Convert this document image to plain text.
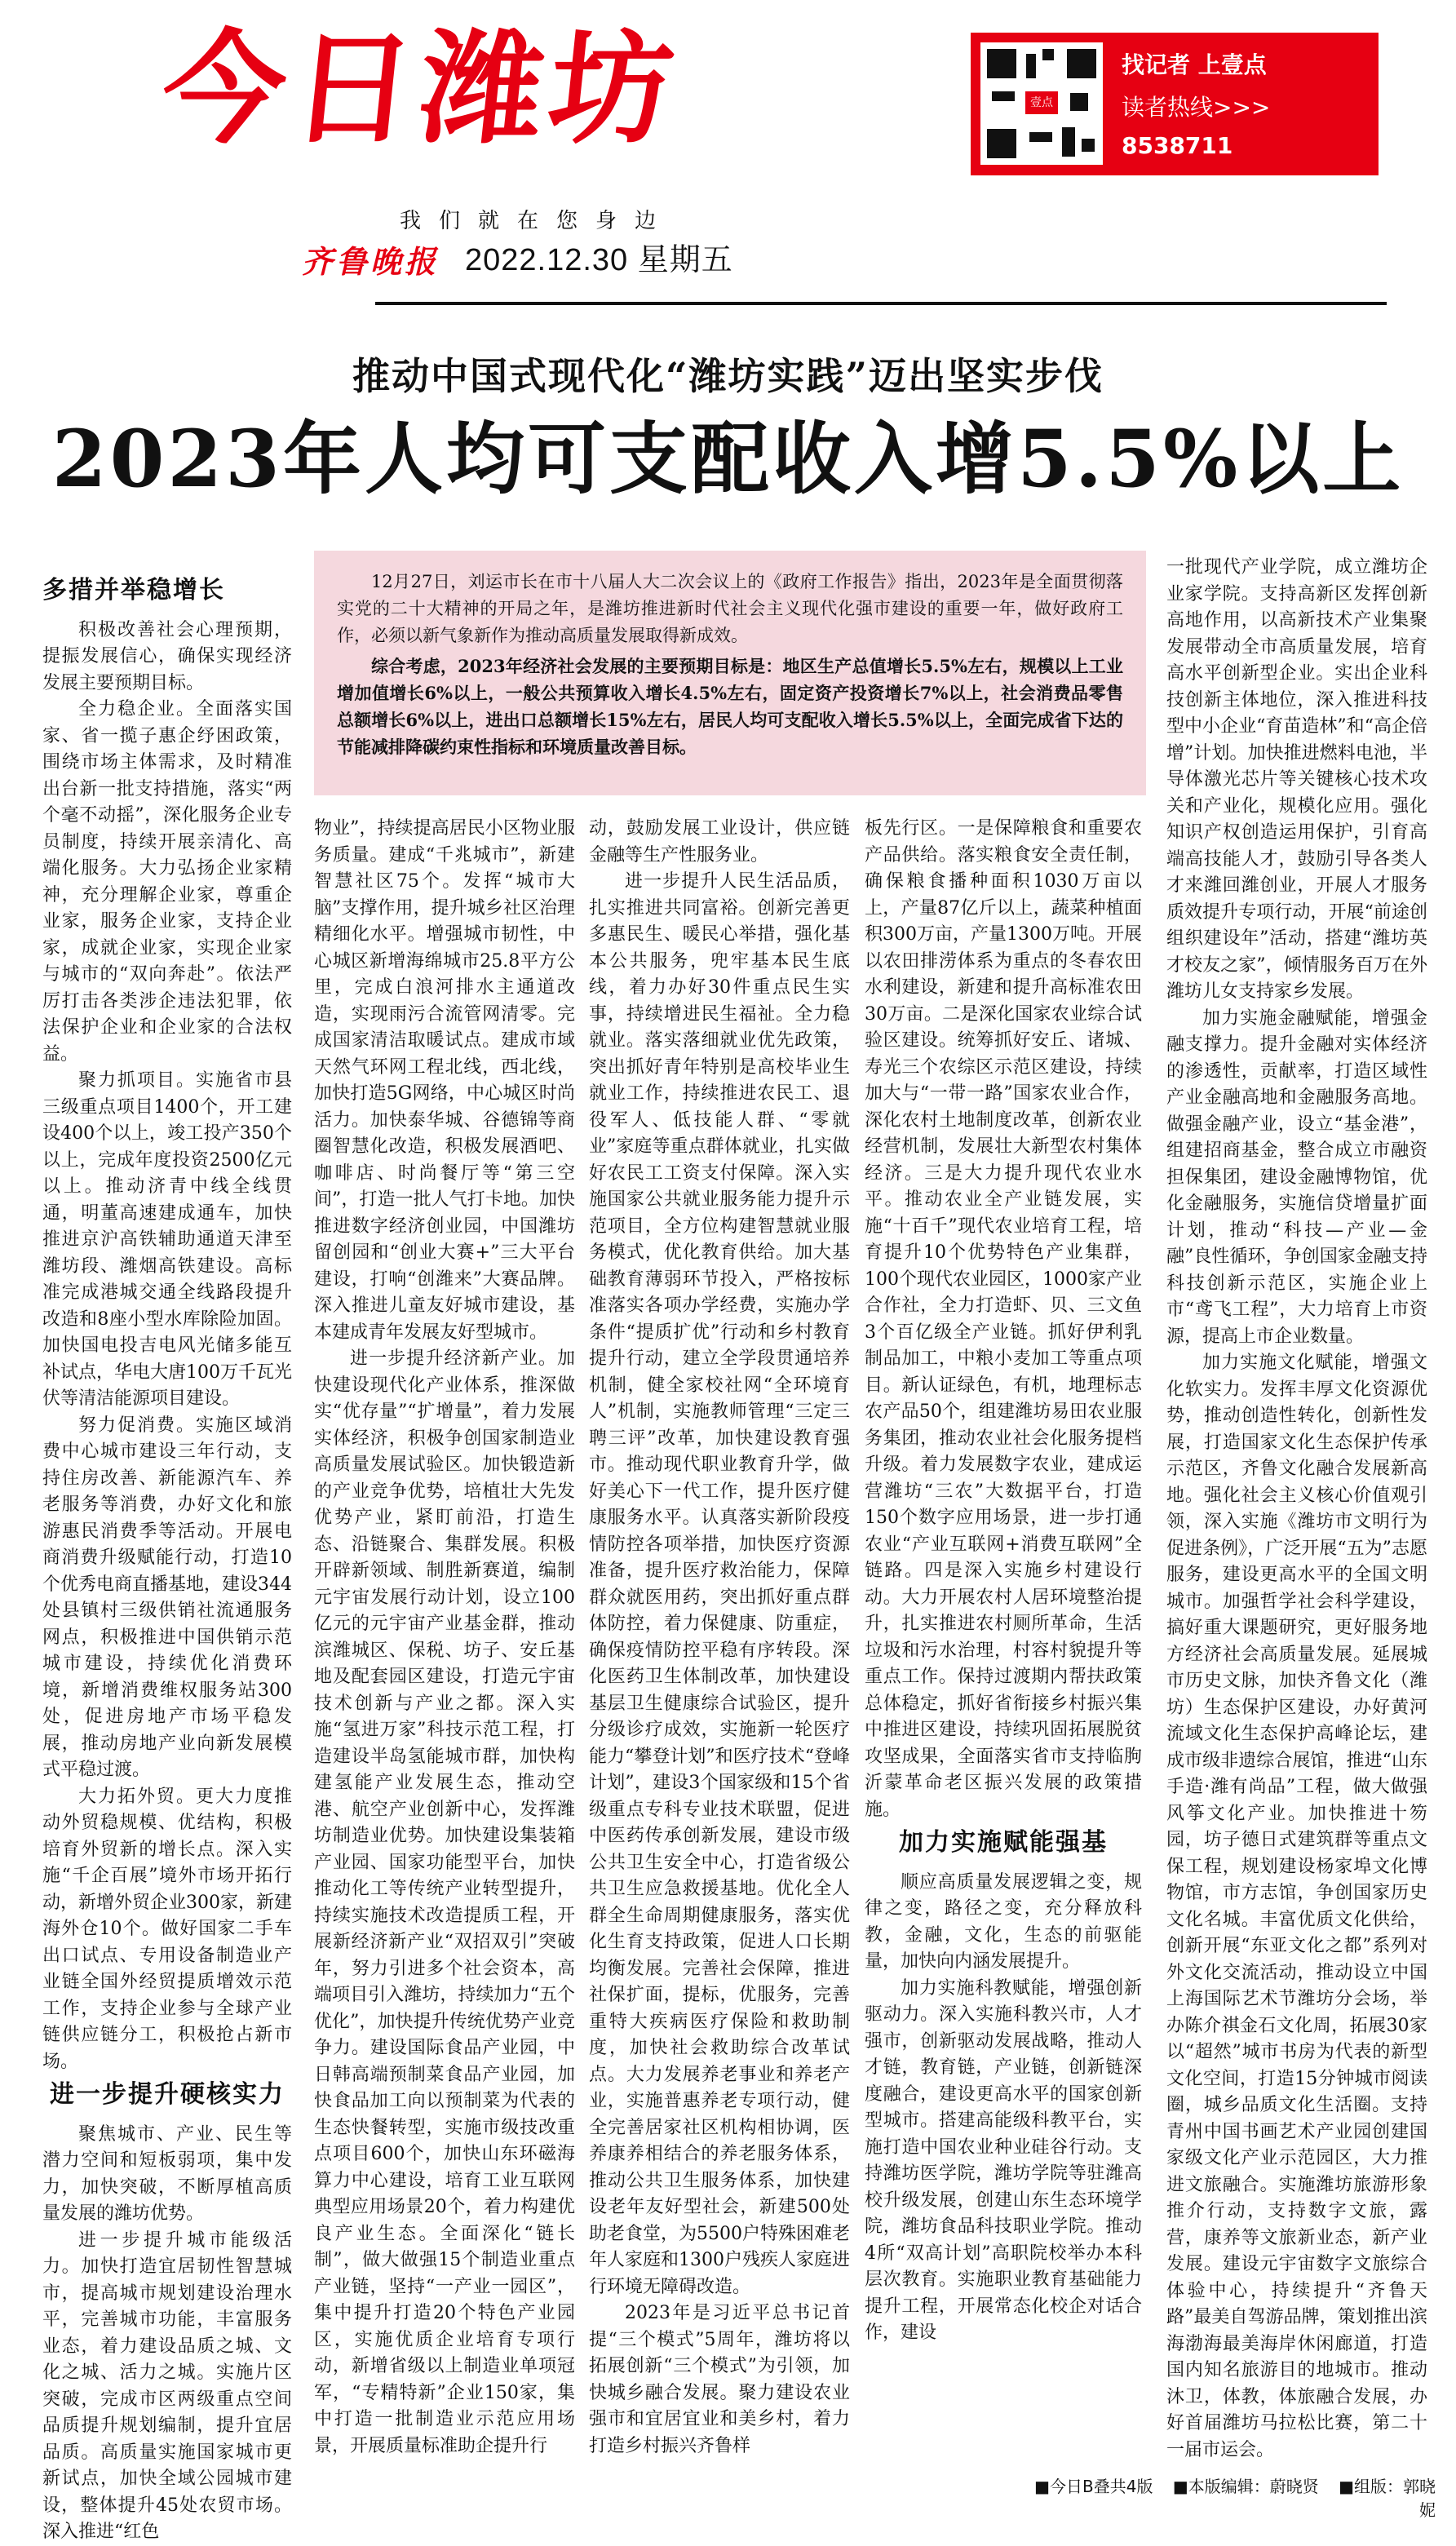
今日潍坊
我们就在您身边
齐鲁晚报 2022.12.30 星期五
壹点
找记者 上壹点
读者热线>>>
8538711
推动中国式现代化“潍坊实践”迈出坚实步伐
2023年人均可支配收入增5.5%以上

12月27日，刘运市长在市十八届人大二次会议上的《政府工作报告》指出，2023年是全面贯彻落实党的二十大精神的开局之年，是潍坊推进新时代社会主义现代化强市建设的重要一年，做好政府工作，必须以新气象新作为推动高质量发展取得新成效。

综合考虑，2023年经济社会发展的主要预期目标是：地区生产总值增长5.5%左右，规模以上工业增加值增长6%以上，一般公共预算收入增长4.5%左右，固定资产投资增长7%以上，社会消费品零售总额增长6%以上，进出口总额增长15%左右，居民人均可支配收入增长5.5%以上，全面完成省下达的节能减排降碳约束性指标和环境质量改善目标。

多措并举稳增长

积极改善社会心理预期，提振发展信心，确保实现经济发展主要预期目标。

全力稳企业。全面落实国家、省一揽子惠企纾困政策，围绕市场主体需求，及时精准出台新一批支持措施，落实“两个毫不动摇”，深化服务企业专员制度，持续开展亲清化、高端化服务。大力弘扬企业家精神，充分理解企业家，尊重企业家，服务企业家，支持企业家，成就企业家，实现企业家与城市的“双向奔赴”。依法严厉打击各类涉企违法犯罪，依法保护企业和企业家的合法权益。

聚力抓项目。实施省市县三级重点项目1400个，开工建设400个以上，竣工投产350个以上，完成年度投资2500亿元以上。推动济青中线全线贯通，明董高速建成通车，加快推进京沪高铁辅助通道天津至潍坊段、潍烟高铁建设。高标准完成港城交通全线路段提升改造和8座小型水库除险加固。加快国电投吉电风光储多能互补试点，华电大唐100万千瓦光伏等清洁能源项目建设。

努力促消费。实施区域消费中心城市建设三年行动，支持住房改善、新能源汽车、养老服务等消费，办好文化和旅游惠民消费季等活动。开展电商消费升级赋能行动，打造10个优秀电商直播基地，建设344处县镇村三级供销社流通服务网点，积极推进中国供销示范城市建设，持续优化消费环境，新增消费维权服务站300处，促进房地产市场平稳发展，推动房地产业向新发展模式平稳过渡。

大力拓外贸。更大力度推动外贸稳规模、优结构，积极培育外贸新的增长点。深入实施“千企百展”境外市场开拓行动，新增外贸企业300家，新建海外仓10个。做好国家二手车出口试点、专用设备制造业产业链全国外经贸提质增效示范工作，支持企业参与全球产业链供应链分工，积极抢占新市场。

进一步提升硬核实力

聚焦城市、产业、民生等潜力空间和短板弱项，集中发力，加快突破，不断厚植高质量发展的潍坊优势。

进一步提升城市能级活力。加快打造宜居韧性智慧城市，提高城市规划建设治理水平，完善城市功能，丰富服务业态，着力建设品质之城、文化之城、活力之城。实施片区突破，完成市区两级重点空间品质提升规划编制，提升宜居品质。高质量实施国家城市更新试点，加快全域公园城市建设，整体提升45处农贸市场。深入推进“红色

物业”，持续提高居民小区物业服务质量。建成“千兆城市”，新建智慧社区75个。发挥“城市大脑”支撑作用，提升城乡社区治理精细化水平。增强城市韧性，中心城区新增海绵城市25.8平方公里，完成白浪河排水主通道改造，实现雨污合流管网清零。完成国家清洁取暖试点。建成市域天然气环网工程北线，西北线，加快打造5G网络，中心城区时尚活力。加快泰华城、谷德锦等商圈智慧化改造，积极发展酒吧、咖啡店、时尚餐厅等“第三空间”，打造一批人气打卡地。加快推进数字经济创业园，中国潍坊留创园和“创业大赛+”三大平台建设，打响“创潍来”大赛品牌。深入推进儿童友好城市建设，基本建成青年发展友好型城市。

进一步提升经济新产业。加快建设现代化产业体系，推深做实“优存量”“扩增量”，着力发展实体经济，积极争创国家制造业高质量发展试验区。加快锻造新的产业竞争优势，培植壮大先发优势产业，紧盯前沿，打造生态、沿链聚合、集群发展。积极开辟新领域、制胜新赛道，编制元宇宙发展行动计划，设立100亿元的元宇宙产业基金群，推动滨潍城区、保税、坊子、安丘基地及配套园区建设，打造元宇宙技术创新与产业之都。深入实施“氢进万家”科技示范工程，打造建设半岛氢能城市群，加快构建氢能产业发展生态，推动空港、航空产业创新中心，发挥潍坊制造业优势。加快建设集装箱产业园、国家功能型平台，加快推动化工等传统产业转型提升，持续实施技术改造提质工程，开展新经济新产业“双招双引”突破年，努力引进多个社会资本，高端项目引入潍坊，持续加力“五个优化”，加快提升传统优势产业竞争力。建设国际食品产业园，中日韩高端预制菜食品产业园，加快食品加工向以预制菜为代表的生态快餐转型，实施市级技改重点项目600个，加快山东环磁海算力中心建设，培育工业互联网典型应用场景20个，着力构建优良产业生态。全面深化“链长制”，做大做强15个制造业重点产业链，坚持“一产业一园区”，集中提升打造20个特色产业园区，实施优质企业培育专项行动，新增省级以上制造业单项冠军，“专精特新”企业150家，集中打造一批制造业示范应用场景，开展质量标准助企提升行

动，鼓励发展工业设计，供应链金融等生产性服务业。

进一步提升人民生活品质，扎实推进共同富裕。创新完善更多惠民生、暖民心举措，强化基本公共服务，兜牢基本民生底线，着力办好30件重点民生实事，持续增进民生福祉。全力稳就业。落实落细就业优先政策，突出抓好青年特别是高校毕业生就业工作，持续推进农民工、退役军人、低技能人群、“零就业”家庭等重点群体就业，扎实做好农民工工资支付保障。深入实施国家公共就业服务能力提升示范项目，全方位构建智慧就业服务模式，优化教育供给。加大基础教育薄弱环节投入，严格按标准落实各项办学经费，实施办学条件“提质扩优”行动和乡村教育提升行动，建立全学段贯通培养机制，健全家校社网“全环境育人”机制，实施教师管理“三定三聘三评”改革，加快建设教育强市。推动现代职业教育升学，做好美心下一代工作，提升医疗健康服务水平。认真落实新阶段疫情防控各项举措，加快医疗资源准备，提升医疗救治能力，保障群众就医用药，突出抓好重点群体防控，着力保健康、防重症，确保疫情防控平稳有序转段。深化医药卫生体制改革，加快建设基层卫生健康综合试验区，提升分级诊疗成效，实施新一轮医疗能力“攀登计划”和医疗技术“登峰计划”，建设3个国家级和15个省级重点专科专业技术联盟，促进中医药传承创新发展，建设市级公共卫生安全中心，打造省级公共卫生应急救援基地。优化全人群全生命周期健康服务，落实优化生育支持政策，促进人口长期均衡发展。完善社会保障，推进社保扩面，提标，优服务，完善重特大疾病医疗保险和救助制度，加快社会救助综合改革试点。大力发展养老事业和养老产业，实施普惠养老专项行动，健全完善居家社区机构相协调，医养康养相结合的养老服务体系，推动公共卫生服务体系，加快建设老年友好型社会，新建500处助老食堂，为5500户特殊困难老年人家庭和1300户残疾人家庭进行环境无障碍改造。

2023年是习近平总书记首提“三个模式”5周年，潍坊将以拓展创新“三个模式”为引领，加快城乡融合发展。聚力建设农业强市和宜居宜业和美乡村，着力打造乡村振兴齐鲁样

板先行区。一是保障粮食和重要农产品供给。落实粮食安全责任制，确保粮食播种面积1030万亩以上，产量87亿斤以上，蔬菜种植面积300万亩，产量1300万吨。开展以农田排涝体系为重点的冬春农田水利建设，新建和提升高标准农田30万亩。二是深化国家农业综合试验区建设。统筹抓好安丘、诸城、寿光三个农综区示范区建设，持续加大与“一带一路”国家农业合作，深化农村土地制度改革，创新农业经营机制，发展壮大新型农村集体经济。三是大力提升现代农业水平。推动农业全产业链发展，实施“十百千”现代农业培育工程，培育提升10个优势特色产业集群，100个现代农业园区，1000家产业合作社，全力打造虾、贝、三文鱼3个百亿级全产业链。抓好伊利乳制品加工，中粮小麦加工等重点项目。新认证绿色，有机，地理标志农产品50个，组建潍坊易田农业服务集团，推动农业社会化服务提档升级。着力发展数字农业，建成运营潍坊“三农”大数据平台，打造150个数字应用场景，进一步打通农业“产业互联网+消费互联网”全链路。四是深入实施乡村建设行动。大力开展农村人居环境整治提升，扎实推进农村厕所革命，生活垃圾和污水治理，村容村貌提升等重点工作。保持过渡期内帮扶政策总体稳定，抓好省衔接乡村振兴集中推进区建设，持续巩固拓展脱贫攻坚成果，全面落实省市支持临朐沂蒙革命老区振兴发展的政策措施。

加力实施赋能强基

顺应高质量发展逻辑之变，规律之变，路径之变，充分释放科教，金融，文化，生态的前驱能量，加快向内涵发展提升。

加力实施科教赋能，增强创新驱动力。深入实施科教兴市，人才强市，创新驱动发展战略，推动人才链，教育链，产业链，创新链深度融合，建设更高水平的国家创新型城市。搭建高能级科教平台，实施打造中国农业种业硅谷行动。支持潍坊医学院，潍坊学院等驻潍高校升级发展，创建山东生态环境学院，潍坊食品科技职业学院。推动4所“双高计划”高职院校举办本科层次教育。实施职业教育基础能力提升工程，开展常态化校企对话合作，建设

一批现代产业学院，成立潍坊企业家学院。支持高新区发挥创新高地作用，以高新技术产业集聚发展带动全市高质量发展，培育高水平创新型企业。实出企业科技创新主体地位，深入推进科技型中小企业“育苗造林”和“高企倍增”计划。加快推进燃料电池，半导体激光芯片等关键核心技术攻关和产业化，规模化应用。强化知识产权创造运用保护，引育高端高技能人才，鼓励引导各类人才来潍回潍创业，开展人才服务质效提升专项行动，开展“前途创组织建设年”活动，搭建“潍坊英才校友之家”，倾情服务百万在外潍坊儿女支持家乡发展。

加力实施金融赋能，增强金融支撑力。提升金融对实体经济的渗透性，贡献率，打造区域性产业金融高地和金融服务高地。做强金融产业，设立“基金港”，组建招商基金，整合成立市融资担保集团，建设金融博物馆，优化金融服务，实施信贷增量扩面计划，推动“科技—产业—金融”良性循环，争创国家金融支持科技创新示范区，实施企业上市“鸢飞工程”，大力培育上市资源，提高上市企业数量。

加力实施文化赋能，增强文化软实力。发挥丰厚文化资源优势，推动创造性转化，创新性发展，打造国家文化生态保护传承示范区，齐鲁文化融合发展新高地。强化社会主义核心价值观引领，深入实施《潍坊市文明行为促进条例》，广泛开展“五为”志愿服务，建设更高水平的全国文明城市。加强哲学社会科学建设，搞好重大课题研究，更好服务地方经济社会高质量发展。延展城市历史文脉，加快齐鲁文化（潍坊）生态保护区建设，办好黄河流域文化生态保护高峰论坛，建成市级非遗综合展馆，推进“山东手造·潍有尚品”工程，做大做强风筝文化产业。加快推进十笏园，坊子德日式建筑群等重点文保工程，规划建设杨家埠文化博物馆，市方志馆，争创国家历史文化名城。丰富优质文化供给，创新开展“东亚文化之都”系列对外文化交流活动，推动设立中国上海国际艺术节潍坊分会场，举办陈介祺金石文化周，拓展30家以“超然”城市书房为代表的新型文化空间，打造15分钟城市阅读圈，城乡品质文化生活圈。支持青州中国书画艺术产业园创建国家级文化产业示范园区，大力推进文旅融合。实施潍坊旅游形象推介行动，支持数字文旅，露营，康养等文旅新业态，新产业发展。建设元宇宙数字文旅综合体验中心，持续提升“齐鲁天路”最美自驾游品牌，策划推出滨海渤海最美海岸休闲廊道，打造国内知名旅游目的地城市。推动沐卫，体教，体旅融合发展，办好首届潍坊马拉松比赛，第二十一届市运会。

■今日B叠共4版 ■本版编辑：蔚晓贤 ■组版：郭晓妮
